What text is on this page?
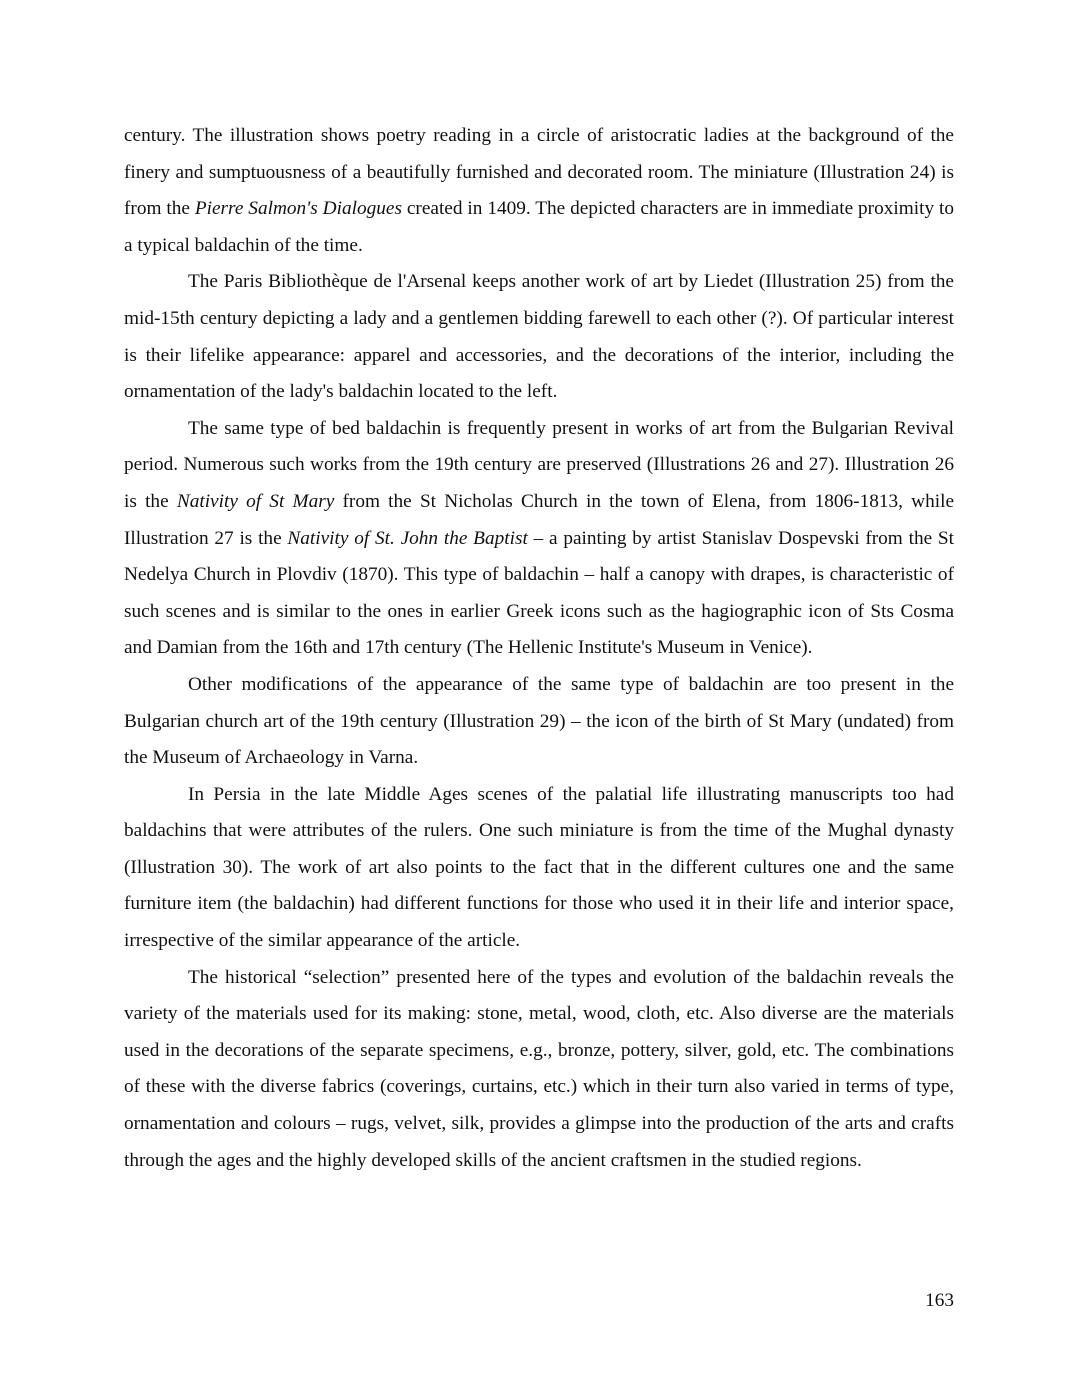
century. The illustration shows poetry reading in a circle of aristocratic ladies at the background of the finery and sumptuousness of a beautifully furnished and decorated room. The miniature (Illustration 24) is from the Pierre Salmon's Dialogues created in 1409. The depicted characters are in immediate proximity to a typical baldachin of the time.

The Paris Bibliothèque de l'Arsenal keeps another work of art by Liedet (Illustration 25) from the mid-15th century depicting a lady and a gentlemen bidding farewell to each other (?). Of particular interest is their lifelike appearance: apparel and accessories, and the decorations of the interior, including the ornamentation of the lady's baldachin located to the left.

The same type of bed baldachin is frequently present in works of art from the Bulgarian Revival period. Numerous such works from the 19th century are preserved (Illustrations 26 and 27). Illustration 26 is the Nativity of St Mary from the St Nicholas Church in the town of Elena, from 1806-1813, while Illustration 27 is the Nativity of St. John the Baptist – a painting by artist Stanislav Dospevski from the St Nedelya Church in Plovdiv (1870). This type of baldachin – half a canopy with drapes, is characteristic of such scenes and is similar to the ones in earlier Greek icons such as the hagiographic icon of Sts Cosma and Damian from the 16th and 17th century (The Hellenic Institute's Museum in Venice).

Other modifications of the appearance of the same type of baldachin are too present in the Bulgarian church art of the 19th century (Illustration 29) – the icon of the birth of St Mary (undated) from the Museum of Archaeology in Varna.

In Persia in the late Middle Ages scenes of the palatial life illustrating manuscripts too had baldachins that were attributes of the rulers. One such miniature is from the time of the Mughal dynasty (Illustration 30). The work of art also points to the fact that in the different cultures one and the same furniture item (the baldachin) had different functions for those who used it in their life and interior space, irrespective of the similar appearance of the article.

The historical “selection” presented here of the types and evolution of the baldachin reveals the variety of the materials used for its making: stone, metal, wood, cloth, etc. Also diverse are the materials used in the decorations of the separate specimens, e.g., bronze, pottery, silver, gold, etc. The combinations of these with the diverse fabrics (coverings, curtains, etc.) which in their turn also varied in terms of type, ornamentation and colours – rugs, velvet, silk, provides a glimpse into the production of the arts and crafts through the ages and the highly developed skills of the ancient craftsmen in the studied regions.

163
